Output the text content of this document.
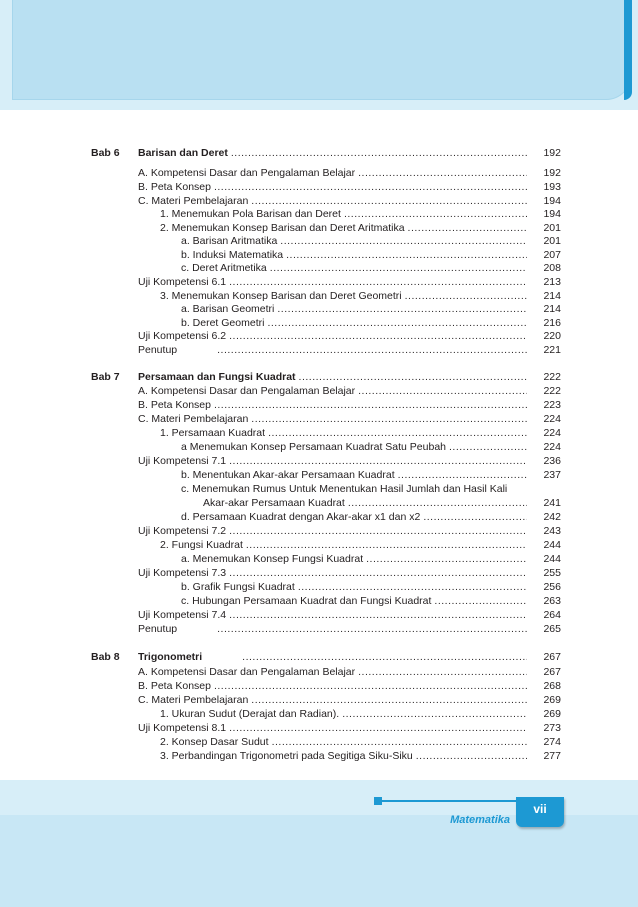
Bab 6 Barisan dan Deret .....	192
A. Kompetensi Dasar dan Pengalaman Belajar .....	192
B. Peta Konsep .....	193
C. Materi Pembelajaran .....	194
1. Menemukan Pola Barisan dan Deret .....	194
2. Menemukan Konsep Barisan dan Deret Aritmatika .....	201
a. Barisan Aritmatika .....	201
b. Induksi Matematika .....	207
c. Deret Aritmetika .....	208
Uji Kompetensi 6.1 .....	213
3. Menemukan Konsep Barisan dan Deret Geometri .....	214
a. Barisan Geometri .....	214
b. Deret Geometri .....	216
Uji Kompetensi 6.2 .....	220
Penutup .....	221
Bab 7 Persamaan dan Fungsi Kuadrat .....	222
A. Kompetensi Dasar dan Pengalaman Belajar .....	222
B. Peta Konsep .....	223
C. Materi Pembelajaran .....	224
1. Persamaan Kuadrat .....	224
a Menemukan Konsep Persamaan Kuadrat Satu Peubah .....	224
Uji Kompetensi 7.1 .....	236
b. Menentukan Akar-akar Persamaan Kuadrat .....	237
c. Menemukan Rumus Untuk Menentukan Hasil Jumlah dan Hasil Kali
Akar-akar Persamaan Kuadrat .....	241
d. Persamaan Kuadrat dengan Akar-akar x1 dan x2 .....	242
Uji Kompetensi 7.2 .....	243
2. Fungsi Kuadrat .....	244
a. Menemukan Konsep Fungsi Kuadrat .....	244
Uji Kompetensi 7.3 .....	255
b. Grafik Fungsi Kuadrat .....	256
c. Hubungan Persamaan Kuadrat dan Fungsi Kuadrat .....	263
Uji Kompetensi 7.4 .....	264
Penutup .....	265
Bab 8 Trigonometri .....	267
A. Kompetensi Dasar dan Pengalaman Belajar .....	267
B. Peta Konsep .....	268
C. Materi Pembelajaran .....	269
1. Ukuran Sudut (Derajat dan Radian). .....	269
Uji Kompetensi 8.1 .....	273
2. Konsep Dasar Sudut .....	274
3. Perbandingan Trigonometri pada Segitiga Siku-Siku .....	277
Matematika
vii
